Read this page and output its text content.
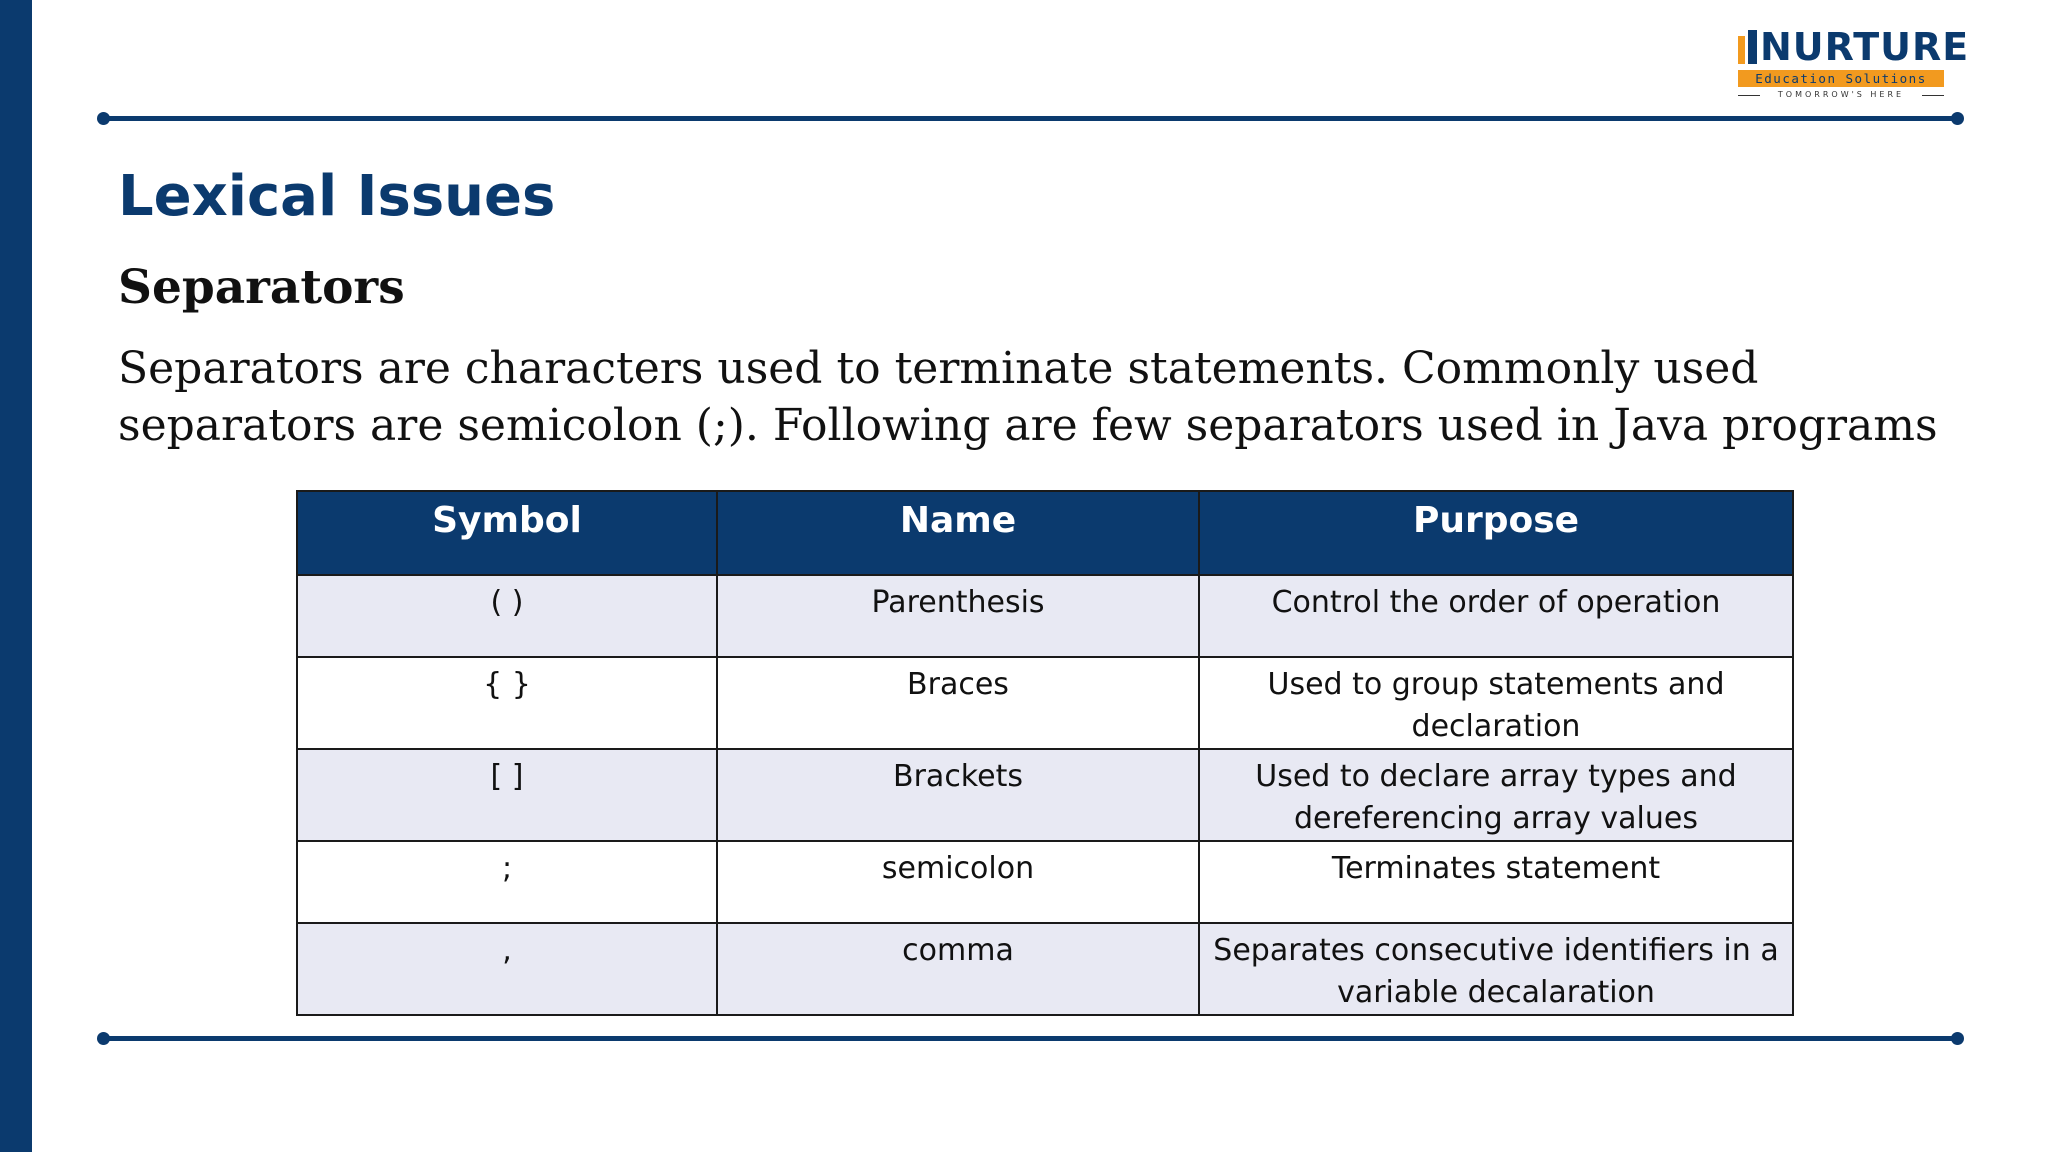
NURTURE
Education Solutions
TOMORROW'S HERE
Lexical Issues
Separators

Separators are characters used to terminate statements. Commonly used separators are semicolon (;). Following are few separators used in Java programs

Symbol	Name	Purpose
( )	Parenthesis	Control the order of operation
{ }	Braces	Used to group statements and declaration
[ ]	Brackets	Used to declare array types and dereferencing array values
;	semicolon	Terminates statement
,	comma	Separates consecutive identifiers in a variable decalaration
